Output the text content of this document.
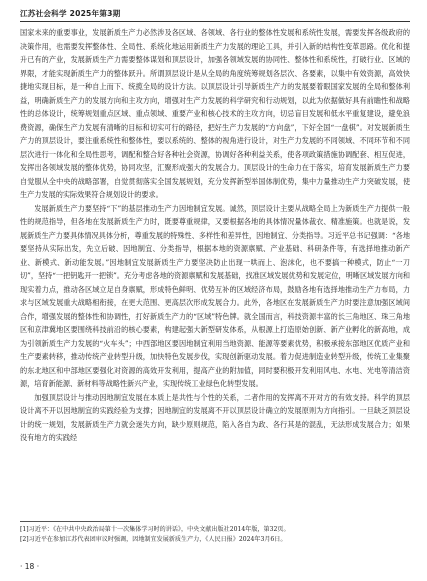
江苏社会科学 2025年第3期

国家未来的重要事业，发展新质生产力必然涉及各区域、各领域、各行业的整体性发展和系统性发展，需要发挥各级政府的决策作用，也需要发挥整体性、全局性、系统化地运用新质生产力发展的理论工具，并引入新的结构性变革思路。优化和提升已有的产业，发展新质生产力需要整体谋划和顶层设计，加强各领域发展的协同性、整体性和系统性，打破行业、区域的界限，才能实现新质生产力的整体跃升。所谓顶层设计是从全局的角度统筹规划各层次、各要素，以集中有效资源，高效快捷地实现目标，是一种自上而下、统揽全局的设计方法。以顶层设计引导新质生产力的发展要着眼国家发展的全局和整体利益，明确新质生产力的发展方向和主攻方向，增强对生产力发展的科学研究和行动规划，以此为依据做好具有前瞻性和战略性的总体设计，统筹规划重点区域、重点领域、重要产业和核心技术的主攻方向，切忌盲目发展和低水平重复建设，避免浪费资源，确保生产力发展有清晰的目标和切实可行的路径，把好生产力发展的“方向盘”，下好全国“一盘棋”。对发展新质生产力的顶层设计，要注重系统性和整体性，要以系统的、整体的视角进行设计，对生产力发展的不同领域、不同环节和不同层次进行一体化和全局性思考，调配和整合好各种社会资源，协调好各种利益关系，使各项政策措施协调配套、相互促进，发挥出各领域发展的整体优势，协同攻坚，汇聚形成强大的发展合力。顶层设计的生命力在于落实，培育发展新质生产力要自觉服从全中央的战略部署，自觉贯彻落实全国发展规划，充分发挥新型举国体制优势，集中力量推动生产力突破发展，使生产力发展的实际效果符合规划设计的要求。

发展新质生产力要坚持“下”的基层推动生产力因地制宜发展。诚然，顶层设计主要从战略全局上为新质生产力提供一般性的规范指导，但各地在发展新质生产力时，既要尊重规律，又要根据各地的具体情况量体裁衣、精准施策。也就是说，发展新质生产力要具体情况具体分析，尊重发展的特殊性、多样性和差异性，因地制宜、分类指导。习近平总书记强调：“各地要坚持从实际出发，先立后破、因地制宜、分类指导，根据本地的资源禀赋、产业基础、科研条件等，有选择地推动新产业、新模式、新动能发展。”因地制宜发展新质生产力要坚决防止出现一哄而上、泡沫化，也不要搞一种模式，防止“一刀切”，坚持“一把钥匙开一把锁”。充分考虑各地的资源禀赋和发展基础，找准区域发展优势和发展定位，明晰区域发展方向和现实着力点，推动各区域立足自身禀赋，形成特色鲜明、优势互补的区域经济布局，鼓励各地有选择地推动生产力布局，力求与区域发展重大战略相衔接，在更大范围、更高层次形成发展合力。此外，各地区在发展新质生产力时要注意加强区域间合作，增强发展的整体性和协调性，打好新质生产力的“区域”特色牌。就全国而言，科技资源丰富的长三角地区、珠三角地区和京津冀地区要围绕科技前沿的核心要素，构建起强大新型研发体系，从根源上打造原始创新、新产业孵化的新高地，成为引领新质生产力发展的“火车头”；中西部地区要因地制宜利用当地资源、能源等要素优势，积极承接东部地区优质产业和生产要素转移，推动传统产业转型升级，加快特色发展步伐，实现创新驱动发展。着力促进制造业转型升级，传统工业集聚的东北地区和中部地区要强化对资源的高效开发利用，提高产业的附加值，同时要积极开发利用风电、水电、光电等清洁资源，培育新能源、新材料等战略性新兴产业，实现传统工业绿色化转型发展。

加强顶层设计与推动因地制宜发展在本质上是共性与个性的关系，二者作用的发挥离不开对方的有效支持。科学的顶层设计离不开以因地制宜的实践经验为支撑；因地制宜的发展离不开以顶层设计确立的发展原则为方向指引。一旦缺乏顶层设计的统一规划，发展新质生产力就会迷失方向，缺少原则规范，陷入各自为政、各行其是的混乱，无法形成发展合力；如果没有地方的实践经

[1]习近平：《在中共中央政治局第十一次集体学习时的讲话》，中央文献出版社2014年版，第32页。
[2]习近平在参加江苏代表团审议时强调，因地制宜发展新质生产力，《人民日报》2024年3月6日。
· 18 ·
